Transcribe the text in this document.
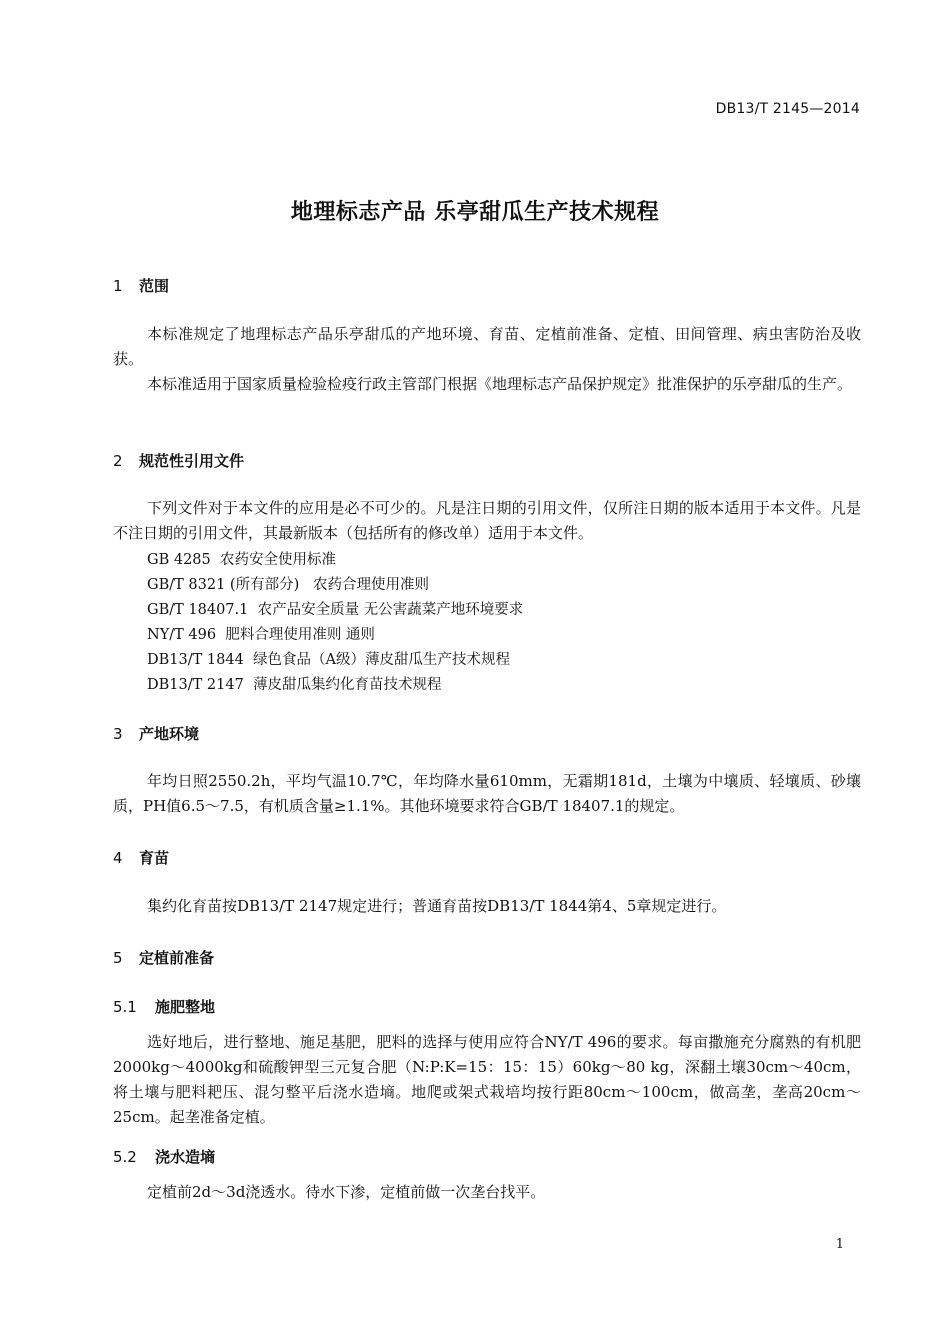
DB13/T 2145—2014
地理标志产品 乐亭甜瓜生产技术规程
1 范围
本标准规定了地理标志产品乐亭甜瓜的产地环境、育苗、定植前准备、定植、田间管理、病虫害防治及收获。
本标准适用于国家质量检验检疫行政主管部门根据《地理标志产品保护规定》批准保护的乐亭甜瓜的生产。
2 规范性引用文件
下列文件对于本文件的应用是必不可少的。凡是注日期的引用文件，仅所注日期的版本适用于本文件。凡是不注日期的引用文件，其最新版本（包括所有的修改单）适用于本文件。
GB 4285  农药安全使用标准
GB/T 8321 (所有部分)   农药合理使用准则
GB/T 18407.1  农产品安全质量 无公害蔬菜产地环境要求
NY/T 496  肥料合理使用准则 通则
DB13/T 1844  绿色食品（A级）薄皮甜瓜生产技术规程
DB13/T 2147  薄皮甜瓜集约化育苗技术规程
3 产地环境
年均日照2550.2h，平均气温10.7℃，年均降水量610mm，无霜期181d，土壤为中壤质、轻壤质、砂壤质，PH值6.5～7.5，有机质含量≥1.1%。其他环境要求符合GB/T 18407.1的规定。
4 育苗
集约化育苗按DB13/T 2147规定进行；普通育苗按DB13/T 1844第4、5章规定进行。
5 定植前准备
5.1 施肥整地
选好地后，进行整地、施足基肥，肥料的选择与使用应符合NY/T 496的要求。每亩撒施充分腐熟的有机肥2000kg～4000kg和硫酸钾型三元复合肥（N:P:K=15：15：15）60kg～80 kg，深翻土壤30cm～40cm，将土壤与肥料耙压、混匀整平后浇水造墒。地爬或架式栽培均按行距80cm～100cm，做高垄，垄高20cm～25cm。起垄准备定植。
5.2 浇水造墒
定植前2d～3d浇透水。待水下渗，定植前做一次垄台找平。
1
